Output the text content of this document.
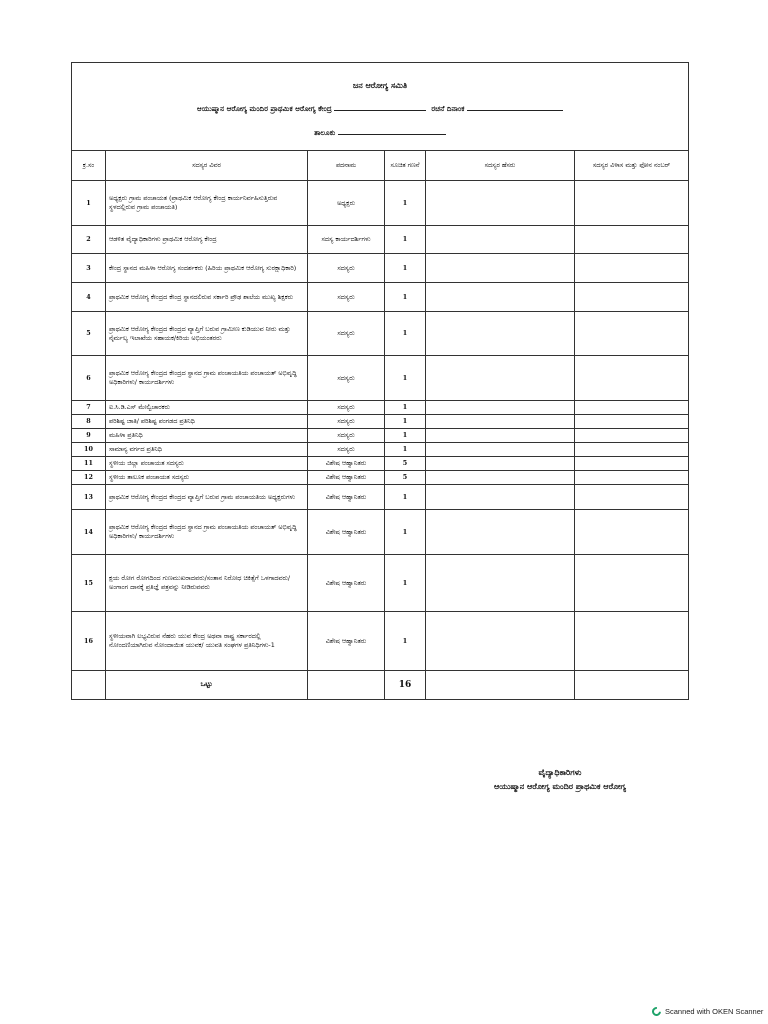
ಜನ ಆರೋಗ್ಯ ಸಮಿತಿ
ಆಯುಷ್ಮಾನ ಆರೋಗ್ಯ ಮಂದಿರ ಪ್ರಾಥಮಿಕ ಆರೋಗ್ಯ ಕೇಂದ್ರ ರಚನೆ ದಿನಾಂಕ
ತಾಲೂಕು					

ಕ್ರ.ಸಂ	ಸದಸ್ಯರ ವಿವರ	ಪದನಾಮ	ಸೂಚಿತ ಗಣನೆ	ಸದಸ್ಯರ ಹೆಸರು	ಸದಸ್ಯರ ವಿಳಾಸ ಮತ್ತು ಫೋನ ನಂಬರ್
1	ಅಧ್ಯಕ್ಷರು ಗ್ರಾಮ ಪಂಚಾಯತ (ಪ್ರಾಥಮಿಕ ಆರೋಗ್ಯ ಕೇಂದ್ರ ಕಾರ್ಯನಿರ್ವಹಿಸುತ್ತಿರುವ ಸ್ಥಳದಲ್ಲಿರುವ ಗ್ರಾಮ ಪಂಚಾಯತಿ)	ಅಧ್ಯಕ್ಷರು	1		
2	ಆಡಳಿತ ವೈದ್ಯಾಧಿಕಾರಿಗಳು ಪ್ರಾಥಮಿಕ ಆರೋಗ್ಯ ಕೇಂದ್ರ	ಸದಸ್ಯ ಕಾರ್ಯದರ್ಶಿಗಳು	1		
3	ಕೇಂದ್ರ ಸ್ಥಾನದ ಮಹಿಳಾ ಆರೋಗ್ಯ ಸಂದರ್ಶಕರು (ಹಿರಿಯ ಪ್ರಾಥಮಿಕ ಆರೋಗ್ಯ ಸುರಕ್ಷಾಧಿಕಾರಿ)	ಸದಸ್ಯರು	1		
4	ಪ್ರಾಥಮಿಕ ಆರೋಗ್ಯ ಕೇಂದ್ರದ ಕೇಂದ್ರ ಸ್ಥಾನದಲಿರುವ ಸರ್ಕಾರಿ ಪ್ರೌಢ ಶಾಲೆಯ ಮುಖ್ಯ ಶಿಕ್ಷಕರು	ಸದಸ್ಯರು	1		
5	ಪ್ರಾಥಮಿಕ ಆರೋಗ್ಯ ಕೇಂದ್ರದ ಕೇಂದ್ರದ ವ್ಯಾಪ್ತಿಗೆ ಬರುವ ಗ್ರಾಮೀಣ ಕುಡಿಯುವ ನೀರು ಮತ್ತು ನೈರ್ಮಲ್ಯ ಇಲಾಖೆಯ ಸಹಾಯಕ/ಕಿರಿಯ ಅಭಿಯಂತರರು	ಸದಸ್ಯರು	1		
6	ಪ್ರಾಥಮಿಕ ಆರೋಗ್ಯ ಕೇಂದ್ರದ ಕೇಂದ್ರದ ಸ್ಥಾನದ ಗ್ರಾಮ ಪಂಚಾಯತಿಯ ಪಂಚಾಯತ್ ಅಭಿವೃದ್ಧಿ ಅಧಿಕಾರಿಗಳು/ ಕಾರ್ಯದರ್ಶಿಗಳು	ಸದಸ್ಯರು	1		
7	ಐ.ಸಿ.ಡಿ.ಎಸ್ ಮೇಲ್ವಿಚಾರಕರು	ಸದಸ್ಯರು	1		
8	ಪರಿಶಿಷ್ಟ ಜಾತಿ/ ಪರಿಶಿಷ್ಟ ಪಂಗಡದ ಪ್ರತಿನಿಧಿ	ಸದಸ್ಯರು	1		
9	ಮಹಿಳಾ ಪ್ರತಿನಿಧಿ	ಸದಸ್ಯರು	1		
10	ಸಾಮಾನ್ಯ ವರ್ಗದ ಪ್ರತಿನಿಧಿ	ಸದಸ್ಯರು	1		
11	ಸ್ಥಳೀಯ ಜಿಲ್ಲಾ ಪಂಚಾಯತ ಸದಸ್ಯರು	ವಿಶೇಷ ಆಹ್ವಾನಿತರು	5		
12	ಸ್ಥಳೀಯ ತಾಲೂಕ ಪಂಚಾಯತ ಸದಸ್ಯರು	ವಿಶೇಷ ಆಹ್ವಾನಿತರು	5		
13	ಪ್ರಾಥಮಿಕ ಆರೋಗ್ಯ ಕೇಂದ್ರದ ಕೇಂದ್ರದ ವ್ಯಾಪ್ತಿಗೆ ಬರುವ ಗ್ರಾಮ ಪಂಚಾಯತಿಯ ಅಧ್ಯಕ್ಷರುಗಳು	ವಿಶೇಷ ಆಹ್ವಾನಿತರು	1		
14	ಪ್ರಾಥಮಿಕ ಆರೋಗ್ಯ ಕೇಂದ್ರದ ಕೇಂದ್ರದ ಸ್ಥಾನದ ಗ್ರಾಮ ಪಂಚಾಯತಿಯ ಪಂಚಾಯತ್ ಅಭಿವೃದ್ಧಿ ಅಧಿಕಾರಿಗಳು/ ಕಾರ್ಯದರ್ಶಿಗಳು	ವಿಶೇಷ ಆಹ್ವಾನಿತರು	1		
15	ಕ್ಷಯ ರೋಗ ರೋಗದಿಂದ ಗುಣಮುಖರಾದವರು/ಸಂತಾನ ನಿರೋಧ ಚಿಕಿತ್ಸೆಗೆ ಒಳಗಾದವರು/ಅಂಗಾಂಗ ದಾನಕ್ಕೆ ಪ್ರತಿಜ್ಞೆ ಪತ್ರವನ್ನು ನೀಡಿರುವವರು	ವಿಶೇಷ ಆಹ್ವಾನಿತರು	1		
16	ಸ್ಥಳೀಯವಾಗಿ ಲಭ್ಯವಿರುವ ನೆಹರು ಯುವ ಕೇಂದ್ರ ಅಥವಾ ರಾಷ್ಟ್ರ ಸರ್ಕಾರದಲ್ಲಿ ನೋಂದಣಿಯಾಗಿರುವ ನೋಂದಾಯಿತ ಯುವಕ/ ಯುವತಿ ಸಂಘಗಳ ಪ್ರತಿನಿಧಿಗಳು-1	ವಿಶೇಷ ಆಹ್ವಾನಿತರು	1		
	ಒಟ್ಟು		16		
ವೈದ್ಯಾಧಿಕಾರಿಗಳು
ಆಯುಷ್ಮಾನ ಆರೋಗ್ಯ ಮಂದಿರ ಪ್ರಾಥಮಿಕ ಆರೋಗ್ಯ
Scanned with OKEN Scanner
